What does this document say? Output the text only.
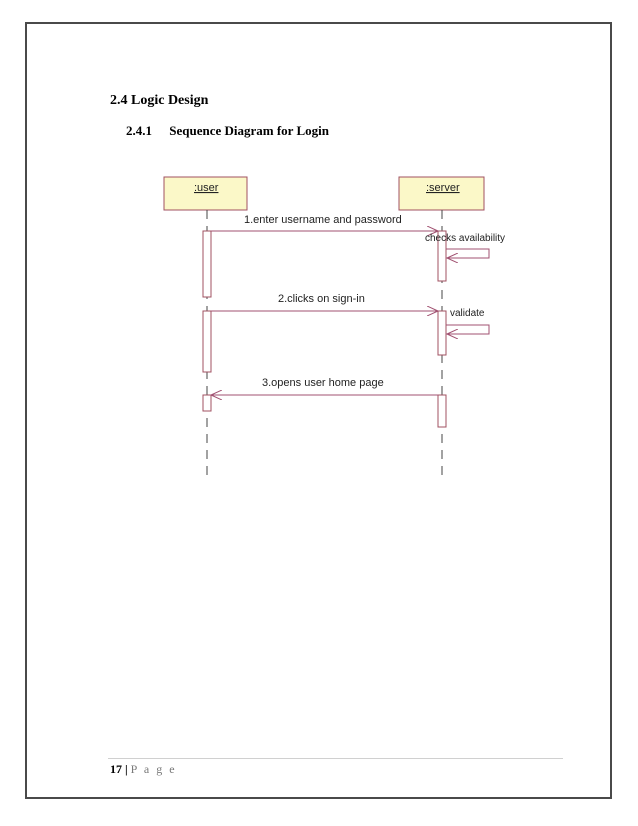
2.4 Logic Design
2.4.1 Sequence Diagram for Login
:user	:server
1.enter username and password
checks availability
2.clicks on sign-in
validate
3.opens user home page
17 | P a g e
